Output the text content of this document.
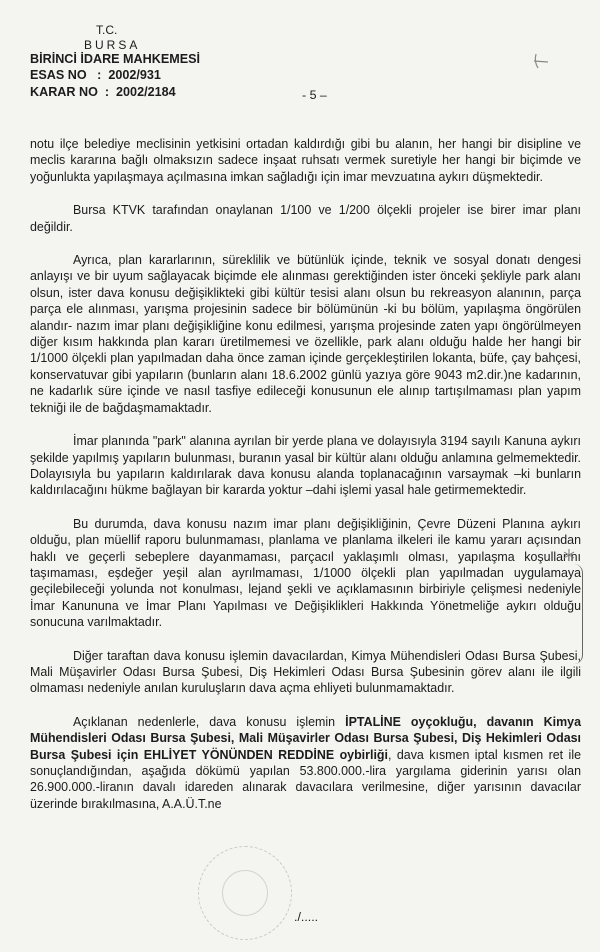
T.C.
BURSA
BİRİNCİ İDARE MAHKEMESİ
ESAS NO   :  2002/931
KARAR NO  :  2002/2184	- 5 –

notu ilçe belediye meclisinin yetkisini ortadan kaldırdığı gibi bu alanın, her hangi bir disipline ve meclis kararına bağlı olmaksızın sadece inşaat ruhsatı vermek suretiyle her hangi bir biçimde ve yoğunlukta yapılaşmaya açılmasına imkan sağladığı için imar mevzuatına aykırı düşmektedir.

Bursa KTVK tarafından onaylanan 1/100 ve 1/200 ölçekli projeler ise birer imar planı değildir.

Ayrıca, plan kararlarının, süreklilik ve bütünlük içinde, teknik ve sosyal donatı dengesi anlayışı ve bir uyum sağlayacak biçimde ele alınması gerektiğinden ister önceki şekliyle park alanı olsun, ister dava konusu değişiklikteki gibi kültür tesisi alanı olsun bu rekreasyon alanının, parça parça ele alınması, yarışma projesinin sadece bir bölümünün -ki bu bölüm, yapılaşma öngörülen alandır- nazım imar planı değişikliğine konu edilmesi, yarışma projesinde zaten yapı öngörülmeyen diğer kısım hakkında plan kararı üretilmemesi ve özellikle, park alanı olduğu halde her hangi bir 1/1000 ölçekli plan yapılmadan daha önce zaman içinde gerçekleştirilen lokanta, büfe, çay bahçesi, konservatuvar gibi yapıların (bunların alanı 18.6.2002 günlü yazıya göre 9043 m2.dir.)ne kadarının, ne kadarlık süre içinde ve nasıl tasfiye edileceği konusunun ele alınıp tartışılmaması plan yapım tekniği ile de bağdaşmamaktadır.

İmar planında "park" alanına ayrılan bir yerde plana ve dolayısıyla 3194 sayılı Kanuna aykırı şekilde yapılmış yapıların bulunması, buranın yasal bir kültür alanı olduğu anlamına gelmemektedir. Dolayısıyla bu yapıların kaldırılarak dava konusu alanda toplanacağının varsaymak –ki bunların kaldırılacağını hükme bağlayan bir kararda yoktur –dahi işlemi yasal hale getirmemektedir.

Bu durumda, dava konusu nazım imar planı değişikliğinin, Çevre Düzeni Planına aykırı olduğu, plan müellif raporu bulunmaması, planlama ve planlama ilkeleri ile kamu yararı açısından haklı ve geçerli sebeplere dayanmaması, parçacıl yaklaşımlı olması, yapılaşma koşullarını taşımaması, eşdeğer yeşil alan ayrılmaması, 1/1000 ölçekli plan yapılmadan uygulamaya geçilebileceği yolunda not konulması, lejand şekli ve açıklamasının birbiriyle çelişmesi nedeniyle İmar Kanununa ve İmar Planı Yapılması ve Değişiklikleri Hakkında Yönetmeliğe aykırı olduğu sonucuna varılmaktadır.

Diğer taraftan dava konusu işlemin davacılardan, Kimya Mühendisleri Odası Bursa Şubesi, Mali Müşavirler Odası Bursa Şubesi, Diş Hekimleri Odası Bursa Şubesinin görev alanı ile ilgili olmaması nedeniyle anılan kuruluşların dava açma ehliyeti bulunmamaktadır.

Açıklanan nedenlerle, dava konusu işlemin İPTALİNE oyçokluğu, davanın Kimya Mühendisleri Odası Bursa Şubesi, Mali Müşavirler Odası Bursa Şubesi, Diş Hekimleri Odası Bursa Şubesi için EHLİYET YÖNÜNDEN REDDİNE oybirliği, dava kısmen iptal kısmen ret ile sonuçlandığından, aşağıda dökümü yapılan 53.800.000.-lira yargılama giderinin yarısı olan 26.900.000.-liranın davalı idareden alınarak davacılara verilmesine, diğer yarısının davacılar üzerinde bırakılmasına, A.A.Ü.T.ne

./.....
